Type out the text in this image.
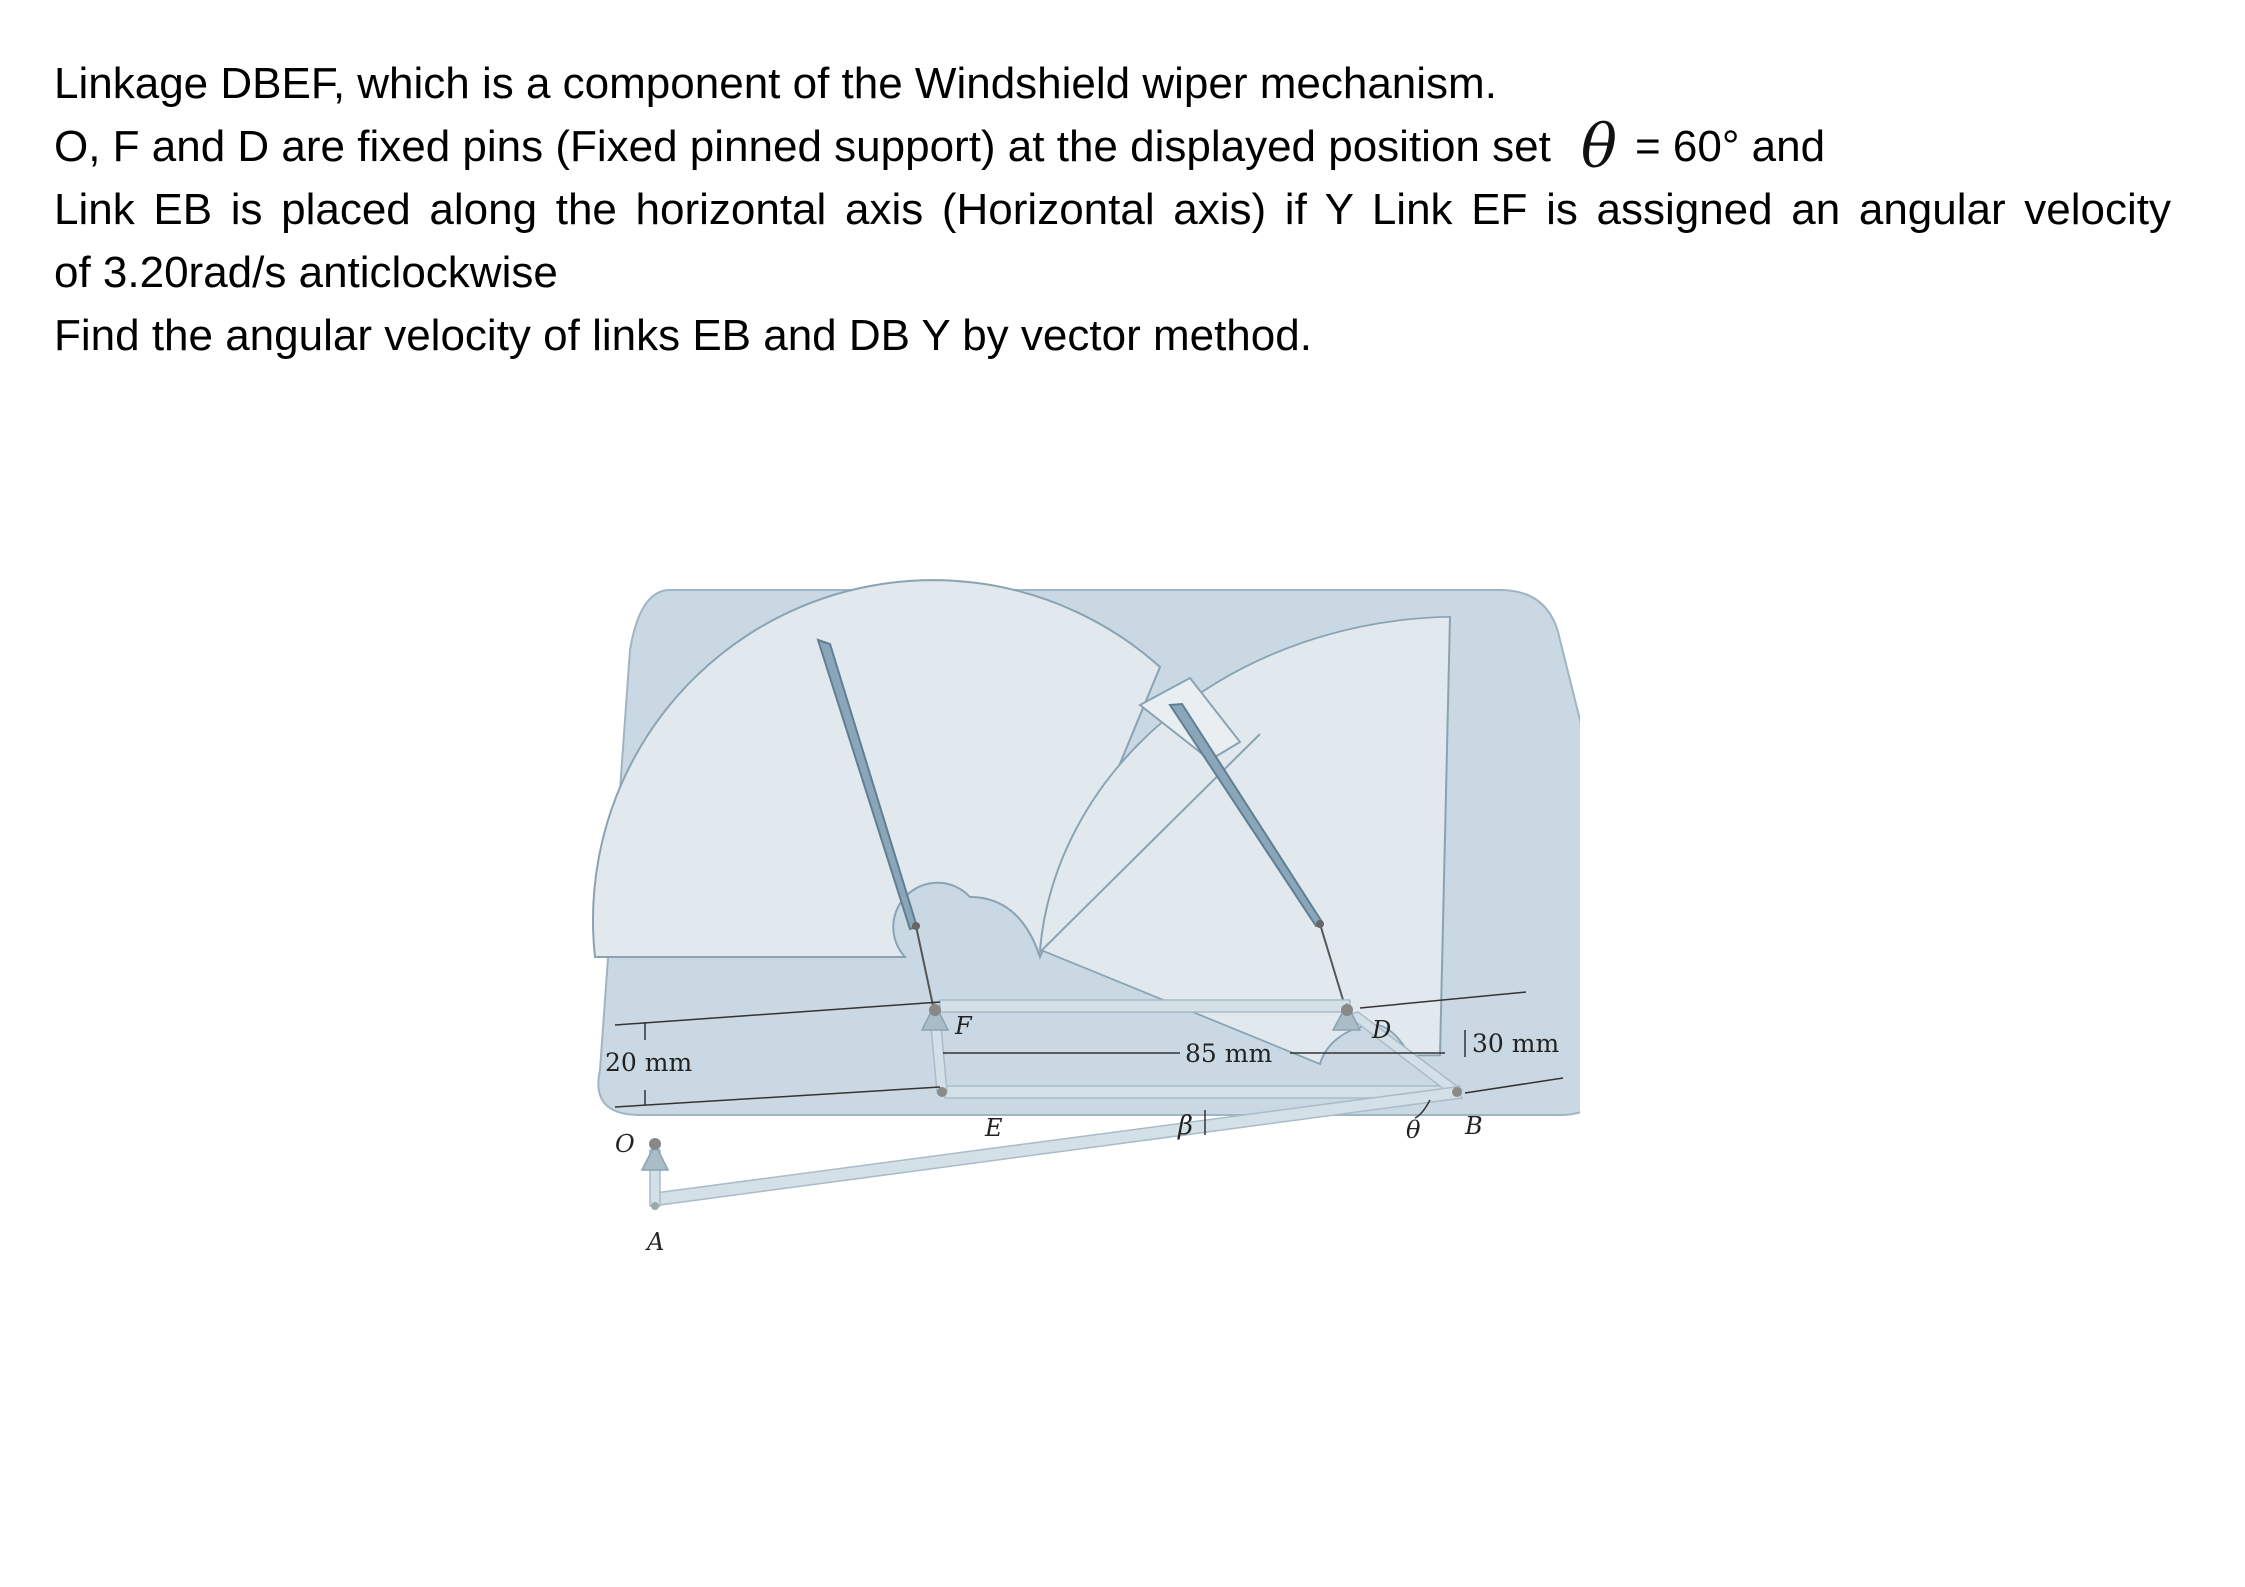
Linkage DBEF, which is a component of the Windshield wiper mechanism.
O, F and D are fixed pins (Fixed pinned support) at the displayed position set θ = 60° and
Link EB is placed along the horizontal axis (Horizontal axis) if Y Link EF is assigned an angular velocity
of 3.20rad/s anticlockwise
Find the angular velocity of links EB and DB Y by vector method.
20 mm	85 mm	30 mm
F	D
E	B
O
A
β	θ
